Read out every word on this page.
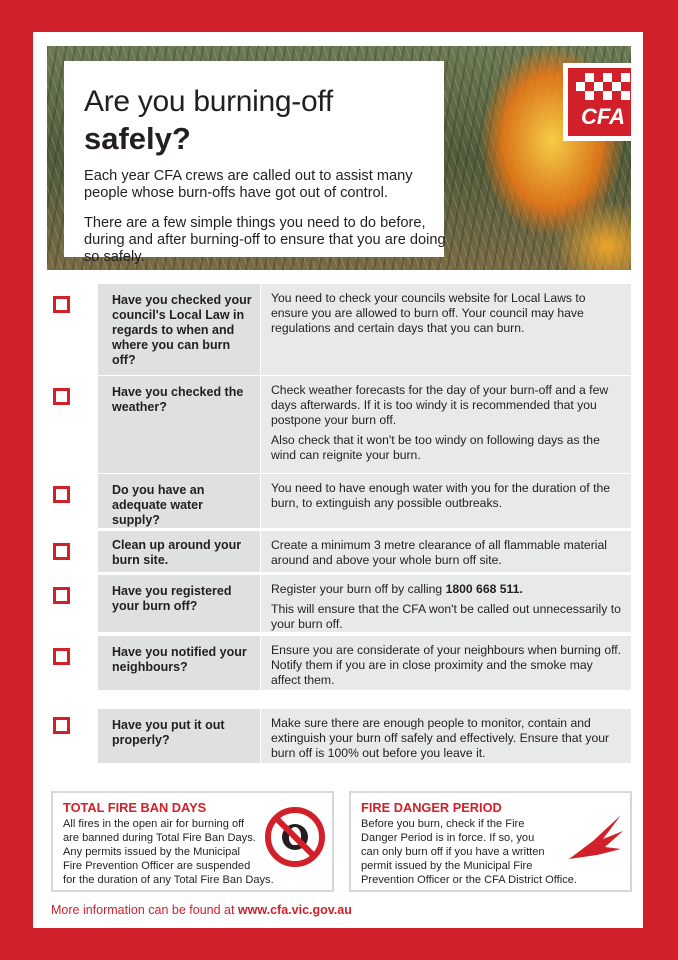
Are you burning-off
safely?
Each year CFA crews are called out to assist many people whose burn-offs have got out of control.
There are a few simple things you need to do before, during and after burning-off to ensure that you are doing so safely.
CFA
Have you checked your council's Local Law in regards to when and where you can burn off?

You need to check your councils website for Local Laws to ensure you are allowed to burn off. Your council may have regulations and certain days that you can burn.

Have you checked the weather?

Check weather forecasts for the day of your burn-off and a few days afterwards. If it is too windy it is recommended that you postpone your burn off.

Also check that it won't be too windy on following days as the wind can reignite your burn.

Do you have an adequate water supply?

You need to have enough water with you for the duration of the burn, to extinguish any possible outbreaks.

Clean up around your burn site.

Create a minimum 3 metre clearance of all flammable material around and above your whole burn off site.

Have you registered your burn off?

Register your burn off by calling 1800 668 511.

This will ensure that the CFA won't be called out unnecessarily to your burn off.

Have you notified your neighbours?

Ensure you are considerate of your neighbours when burning off. Notify them if you are in close proximity and the smoke may affect them.

Have you put it out properly?

Make sure there are enough people to monitor, contain and extinguish your burn off safely and effectively. Ensure that your burn off is 100% out before you leave it.

TOTAL FIRE BAN DAYS
All fires in the open air for burning off
are banned during Total Fire Ban Days.
Any permits issued by the Municipal
Fire Prevention Officer are suspended
for the duration of any Total Fire Ban Days.
FIRE DANGER PERIOD
Before you burn, check if the Fire
Danger Period is in force. If so, you
can only burn off if you have a written
permit issued by the Municipal Fire
Prevention Officer or the CFA District Office.
More information can be found at www.cfa.vic.gov.au
